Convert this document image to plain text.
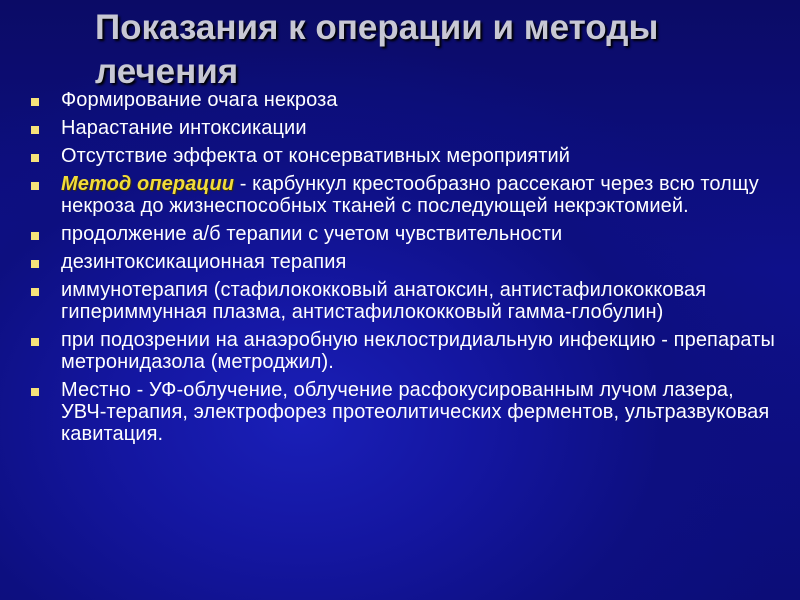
Показания к операции и методы лечения
Формирование очага некроза
Нарастание интоксикации
Отсутствие эффекта от консервативных мероприятий
Метод операции - карбункул крестообразно рассекают через всю толщу некроза до жизнеспособных тканей с последующей некрэктомией.
продолжение а/б терапии с учетом чувствительности
дезинтоксикационная терапия
иммунотерапия (стафилококковый анатоксин, антистафилококковая гипериммунная плазма, антистафилококковый гамма-глобулин)
при подозрении на анаэробную неклостридиальную инфекцию - препараты метронидазола (метроджил).
Местно - УФ-облучение, облучение расфокусированным лучом лазера, УВЧ-терапия, электрофорез протеолитических ферментов, ультразвуковая кавитация.
